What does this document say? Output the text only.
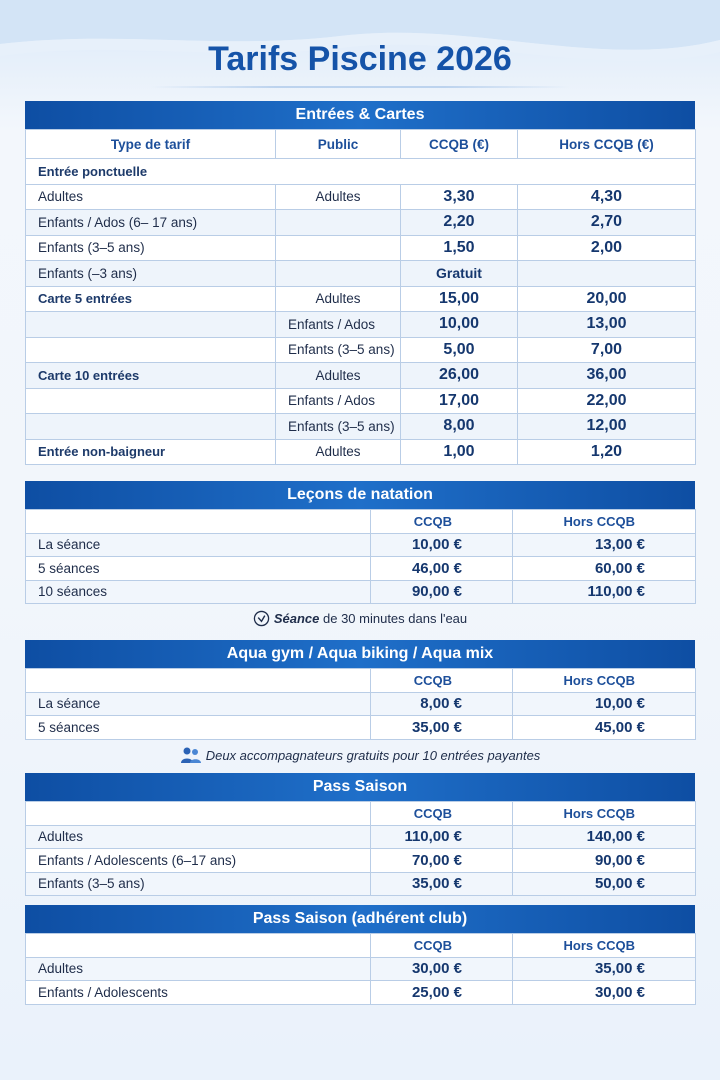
Tarifs Piscine 2026
Entrées & Cartes
Type de tarif	Public	CCQB (€)	Hors CCQB (€)
Entrée ponctuelle			
Adultes	Adultes	3,30	4,30
Enfants / Ados (6– 17 ans)		2,20	2,70
Enfants (3–5 ans)		1,50	2,00
Enfants (–3 ans)		Gratuit	
Carte 5 entrées	Adultes	15,00	20,00
	Enfants / Ados	10,00	13,00
	Enfants (3–5 ans)	5,00	7,00
Carte 10 entrées	Adultes	26,00	36,00
	Enfants / Ados	17,00	22,00
	Enfants (3–5 ans)	8,00	12,00
Entrée non-baigneur	Adultes	1,00	1,20
Leçons de natation
	CCQB	Hors CCQB
La séance	10,00 €	13,00 €
5 séances	46,00 €	60,00 €
10 séances	90,00 €	110,00 €
Séance de 30 minutes dans l'eau
Aqua gym / Aqua biking / Aqua mix
	CCQB	Hors CCQB
La séance	8,00 €	10,00 €
5 séances	35,00 €	45,00 €
Deux accompagnateurs gratuits pour 10 entrées payantes
Pass Saison
	CCQB	Hors CCQB
Adultes	110,00 €	140,00 €
Enfants / Adolescents (6–17 ans)	70,00 €	90,00 €
Enfants (3–5 ans)	35,00 €	50,00 €
Pass Saison (adhérent club)
	CCQB	Hors CCQB
Adultes	30,00 €	35,00 €
Enfants / Adolescents	25,00 €	30,00 €
